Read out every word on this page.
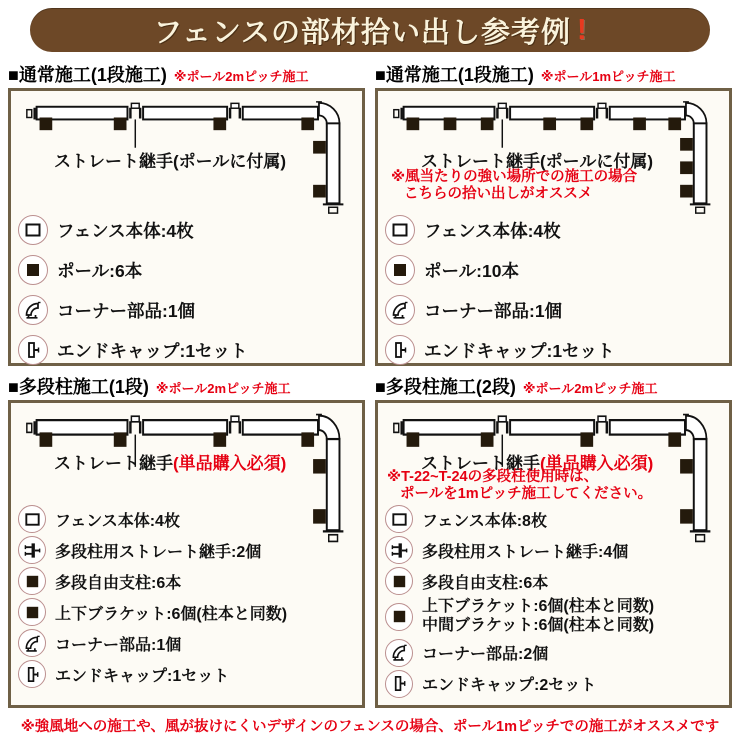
フェンスの部材拾い出し参考例 !
■通常施工(1段施工) ※ポール2mピッチ施工
ストレート継手(ポールに付属)
フェンス本体:4枚
ポール:6本
コーナー部品:1個
エンドキャップ:1セット
■通常施工(1段施工) ※ポール1mピッチ施工
ストレート継手(ポールに付属)
※風当たりの強い場所での施工の場合
こちらの拾い出しがオススメ
フェンス本体:4枚
ポール:10本
コーナー部品:1個
エンドキャップ:1セット
■多段柱施工(1段) ※ポール2mピッチ施工
ストレート継手(単品購入必須)
フェンス本体:4枚
多段柱用ストレート継手:2個
多段自由支柱:6本
上下ブラケット:6個(柱本と同数)
コーナー部品:1個
エンドキャップ:1セット
■多段柱施工(2段) ※ポール2mピッチ施工
ストレート継手(単品購入必須)
※T-22~T-24の多段柱使用時は、
ポールを1mピッチ施工してください。
フェンス本体:8枚
多段柱用ストレート継手:4個
多段自由支柱:6本
上下ブラケット:6個(柱本と同数)
中間ブラケット:6個(柱本と同数)
コーナー部品:2個
エンドキャップ:2セット
※強風地への施工や、風が抜けにくいデザインのフェンスの場合、ポール1mピッチでの施工がオススメです
